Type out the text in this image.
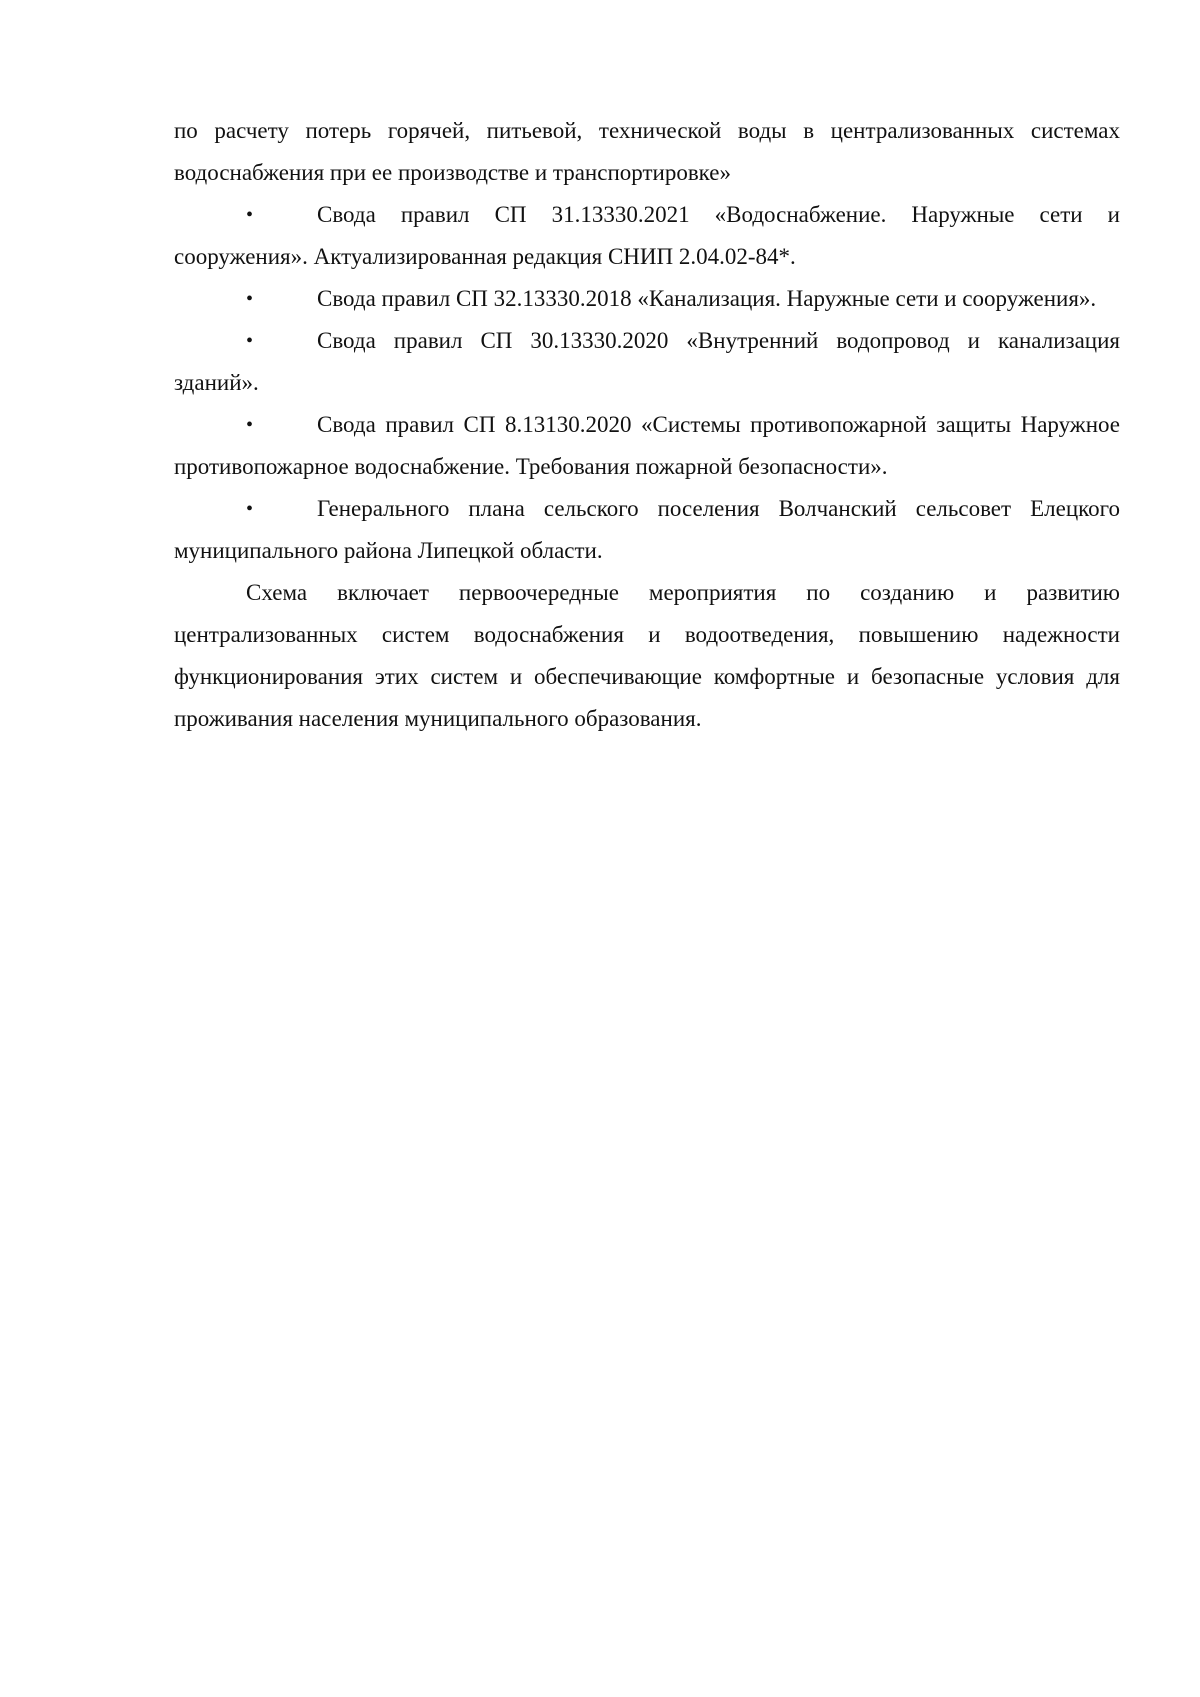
по расчету потерь горячей, питьевой, технической воды в централизованных системах водоснабжения при ее производстве и транспортировке»

•	Свода правил СП 31.13330.2021 «Водоснабжение. Наружные сети и сооружения». Актуализированная редакция СНИП 2.04.02-84*.

•	Свода правил СП 32.13330.2018 «Канализация. Наружные сети и сооружения».

•	Свода правил СП 30.13330.2020 «Внутренний водопровод и канализация зданий».

•	Свода правил СП 8.13130.2020 «Системы противопожарной защиты Наружное противопожарное водоснабжение. Требования пожарной безопасности».

•	Генерального плана сельского поселения Волчанский сельсовет Елецкого муниципального района Липецкой области.

Схема включает первоочередные мероприятия по созданию и развитию централизованных систем водоснабжения и водоотведения, повышению надежности функционирования этих систем и обеспечивающие комфортные и безопасные условия для проживания населения муниципального образования.
